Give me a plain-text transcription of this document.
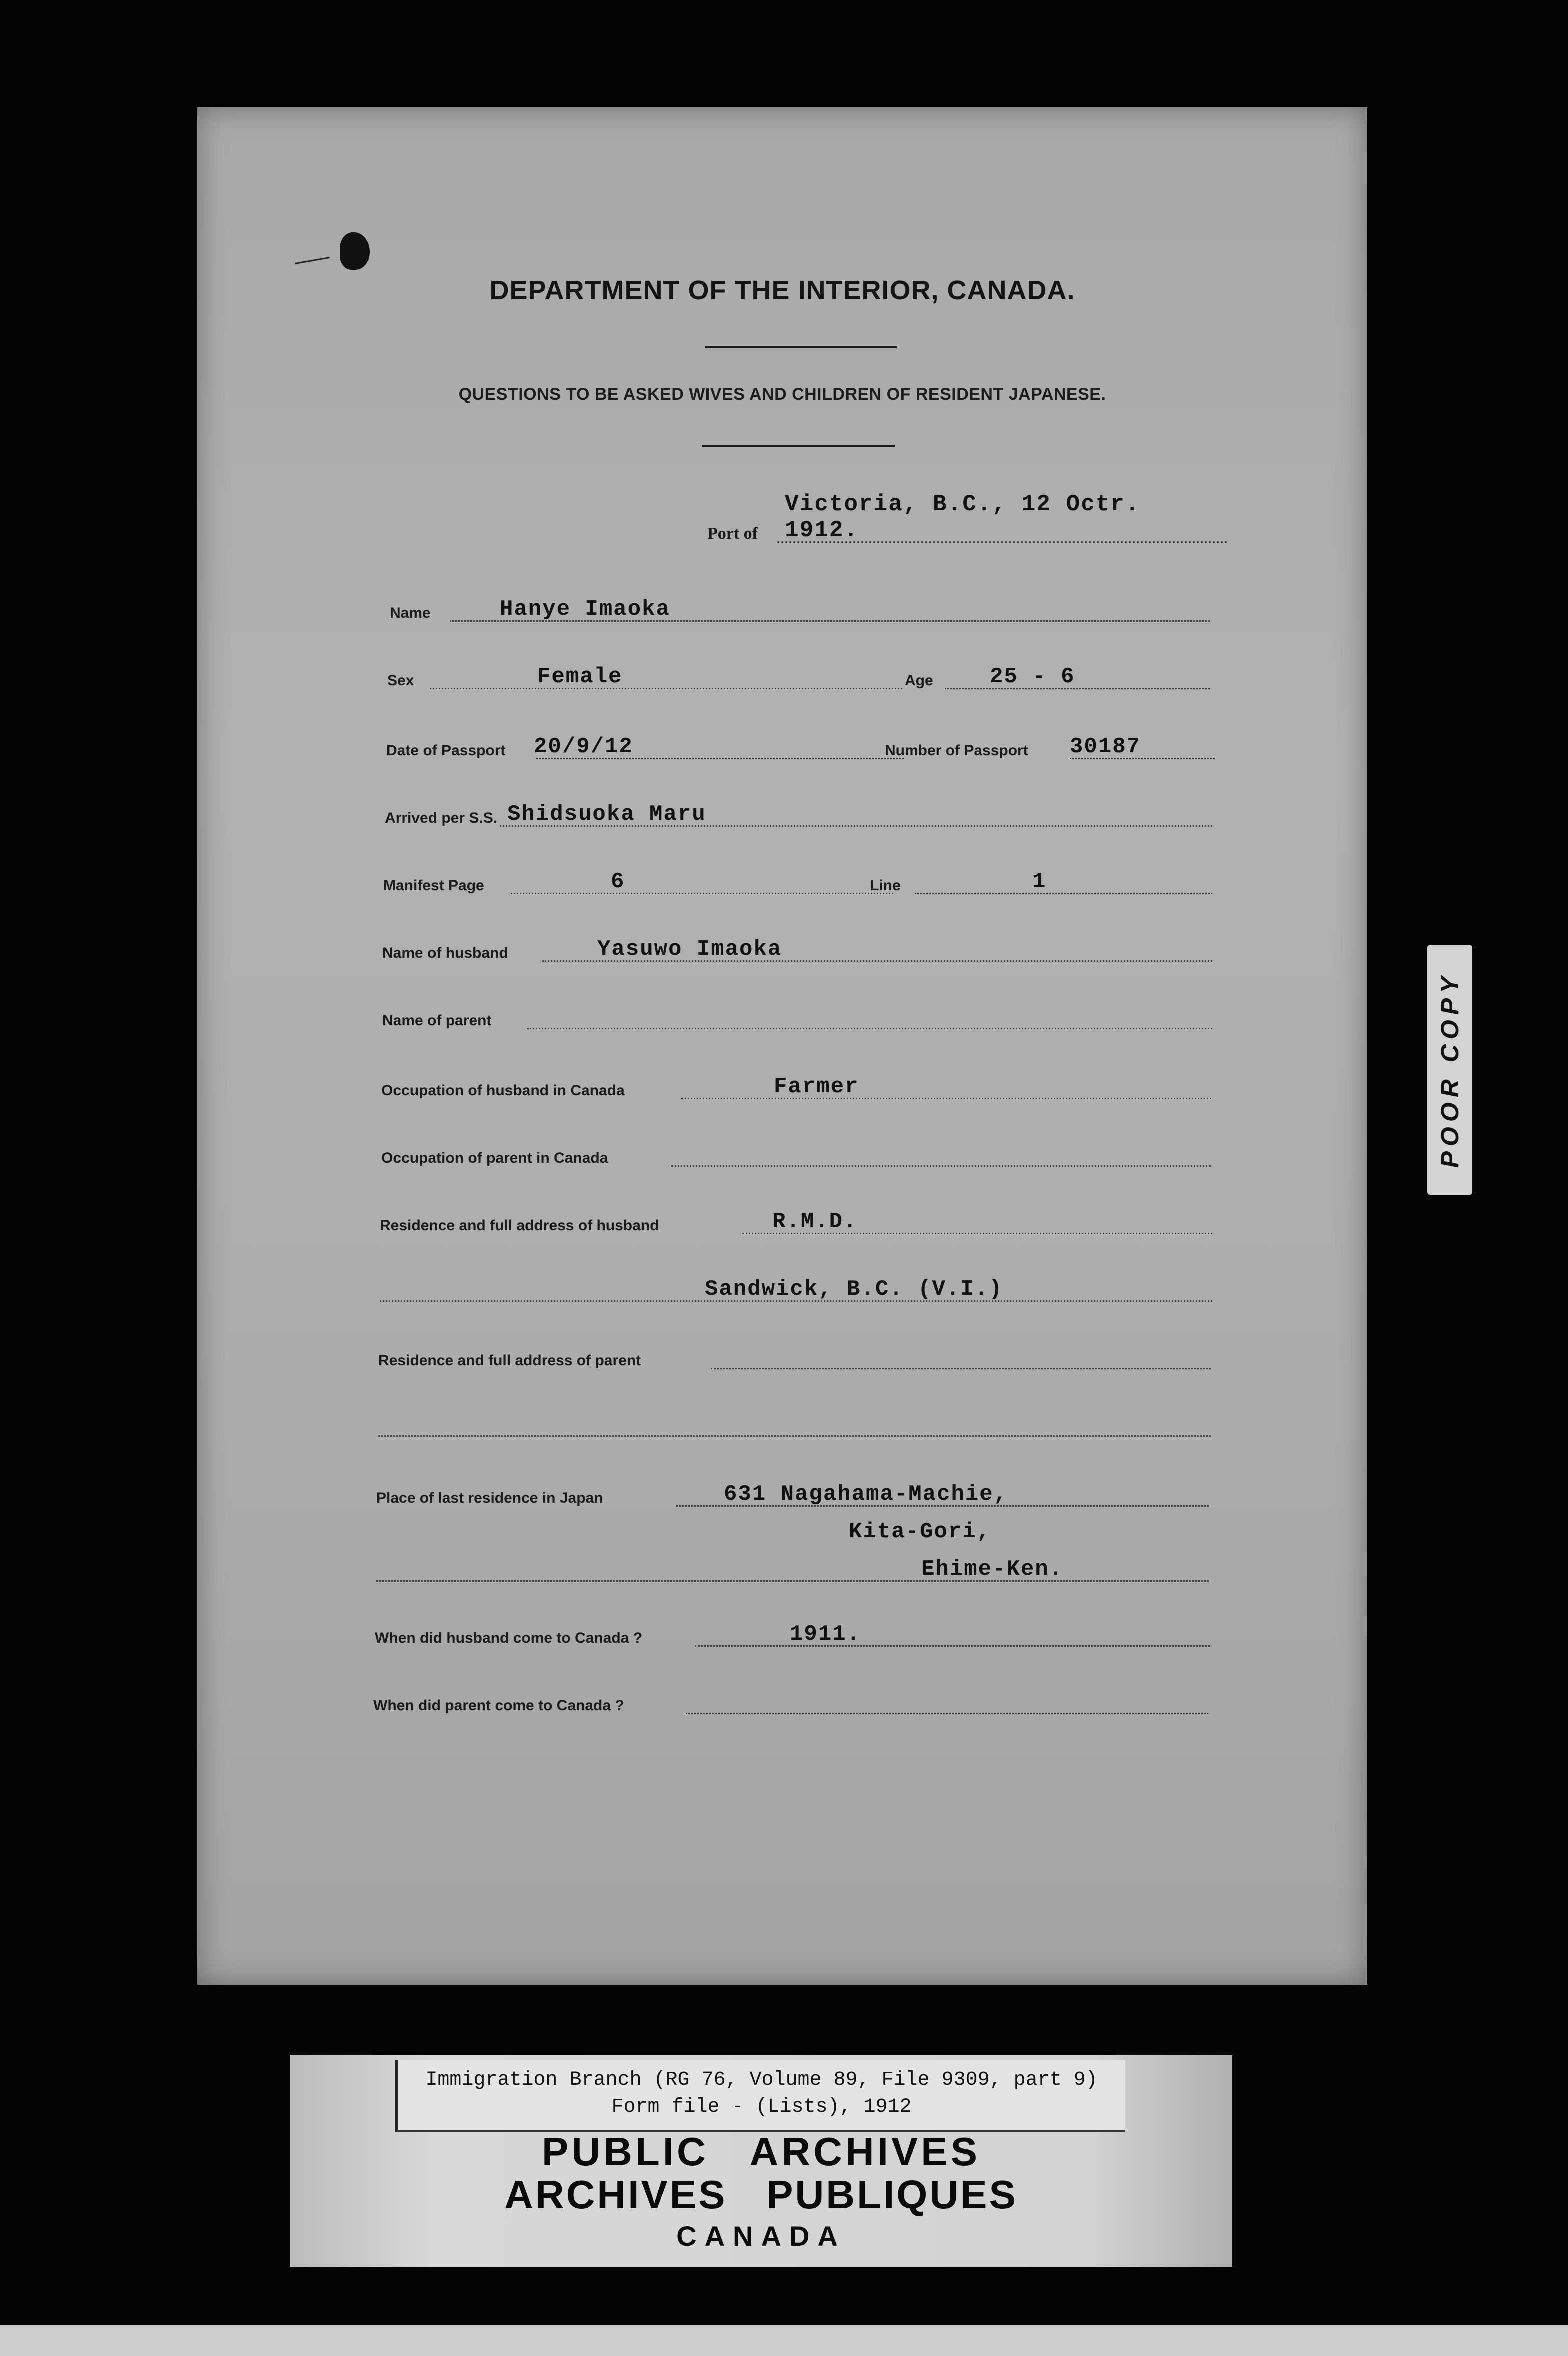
DEPARTMENT OF THE INTERIOR, CANADA.
QUESTIONS TO BE ASKED WIVES AND CHILDREN OF RESIDENT JAPANESE.
Port of
Victoria, B.C., 12 Octr. 1912.
Name	Hanye Imaoka
Sex	Female	Age	25 - 6
Date of Passport 20/9/12	Number of Passport 30187
Arrived per S.S. Shidsuoka Maru
Manifest Page	6	Line	1
Name of husband	Yasuwo Imaoka
Name of parent
Occupation of husband in Canada	Farmer
Occupation of parent in Canada
Residence and full address of husband	R.M.D.
Sandwick, B.C. (V.I.)
Residence and full address of parent
Place of last residence in Japan	631 Nagahama-Machie,
Kita-Gori,
Ehime-Ken.
When did husband come to Canada ?	1911.
When did parent come to Canada ?
POOR COPY
Immigration Branch (RG 76, Volume 89, File 9309, part 9)
Form file - (Lists), 1912
PUBLIC   ARCHIVES
ARCHIVES   PUBLIQUES
CANADA
